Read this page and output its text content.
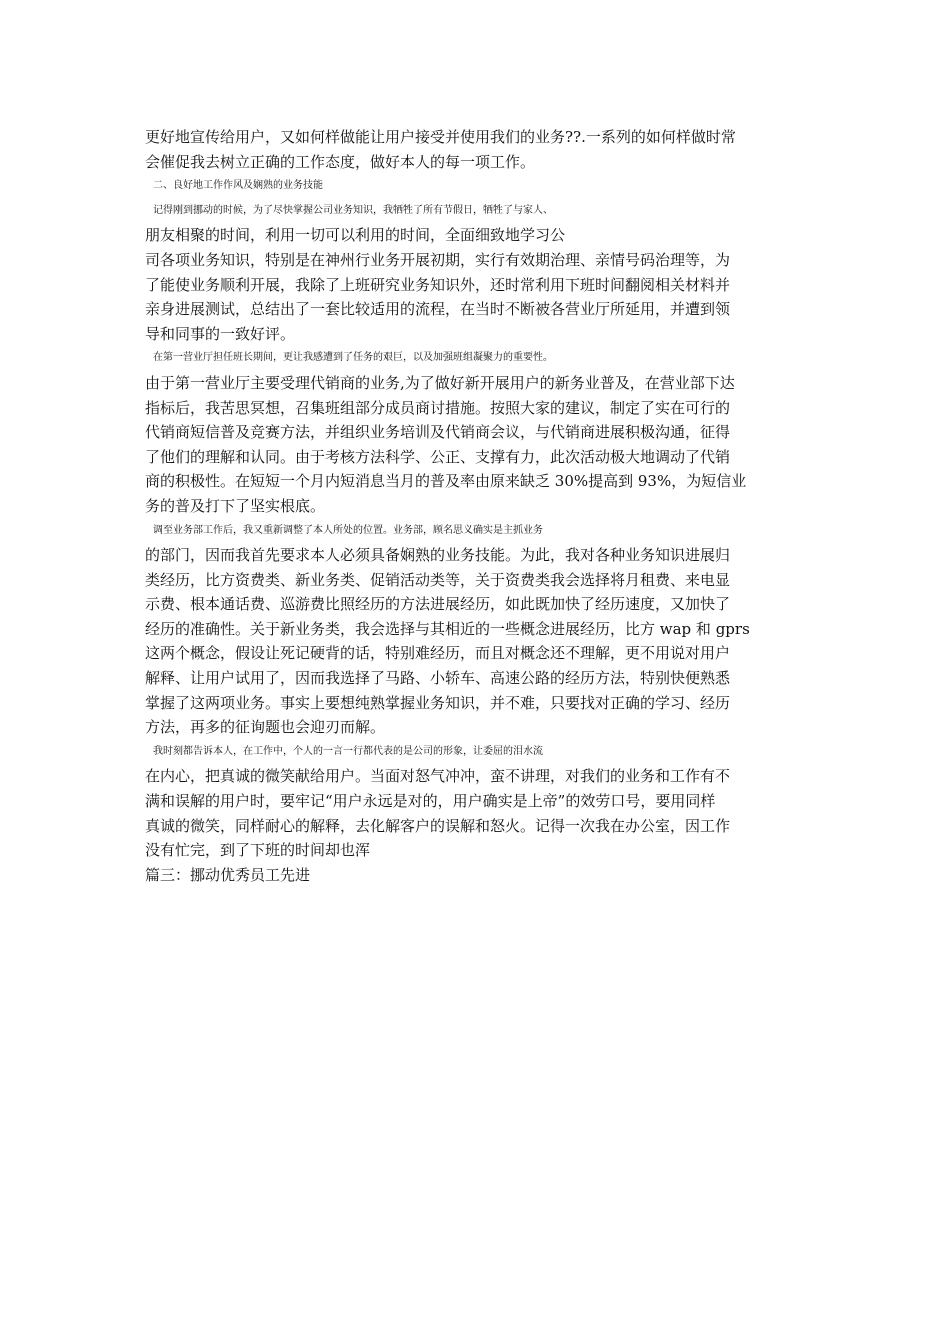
更好地宣传给用户，又如何样做能让用户接受并使用我们的业务??.一系列的如何样做时常
会催促我去树立正确的工作态度，做好本人的每一项工作。
二、良好地工作作风及娴熟的业务技能
记得刚到挪动的时候，为了尽快掌握公司业务知识，我牺牲了所有节假日，牺牲了与家人、
朋友相聚的时间，利用一切可以利用的时间，全面细致地学习公
司各项业务知识，特别是在神州行业务开展初期，实行有效期治理、亲情号码治理等，为
了能使业务顺利开展，我除了上班研究业务知识外，还时常利用下班时间翻阅相关材料并
亲身进展测试，总结出了一套比较适用的流程，在当时不断被各营业厅所延用，并遭到领
导和同事的一致好评。
在第一营业厅担任班长期间，更让我感遭到了任务的艰巨，以及加强班组凝聚力的重要性。
由于第一营业厅主要受理代销商的业务,为了做好新开展用户的新务业普及，在营业部下达
指标后，我苦思冥想，召集班组部分成员商讨措施。按照大家的建议，制定了实在可行的
代销商短信普及竞赛方法，并组织业务培训及代销商会议，与代销商进展积极沟通，征得
了他们的理解和认同。由于考核方法科学、公正、支撑有力，此次活动极大地调动了代销
商的积极性。在短短一个月内短消息当月的普及率由原来缺乏 30%提高到 93%，为短信业
务的普及打下了坚实根底。
调至业务部工作后，我又重新调整了本人所处的位置。业务部，顾名思义确实是主抓业务
的部门，因而我首先要求本人必须具备娴熟的业务技能。为此，我对各种业务知识进展归
类经历，比方资费类、新业务类、促销活动类等，关于资费类我会选择将月租费、来电显
示费、根本通话费、巡游费比照经历的方法进展经历，如此既加快了经历速度，又加快了
经历的准确性。关于新业务类，我会选择与其相近的一些概念进展经历，比方 wap 和 gprs
这两个概念，假设让死记硬背的话，特别难经历，而且对概念还不理解，更不用说对用户
解释、让用户试用了，因而我选择了马路、小轿车、高速公路的经历方法，特别快便熟悉
掌握了这两项业务。事实上要想纯熟掌握业务知识，并不难，只要找对正确的学习、经历
方法，再多的征询题也会迎刃而解。
我时刻都告诉本人，在工作中，个人的一言一行都代表的是公司的形象，让委屈的泪水流
在内心，把真诚的微笑献给用户。当面对怒气冲冲，蛮不讲理，对我们的业务和工作有不
满和误解的用户时，要牢记“用户永远是对的，用户确实是上帝”的效劳口号，要用同样
真诚的微笑，同样耐心的解释，去化解客户的误解和怒火。记得一次我在办公室，因工作
没有忙完，到了下班的时间却也浑
篇三：挪动优秀员工先进
